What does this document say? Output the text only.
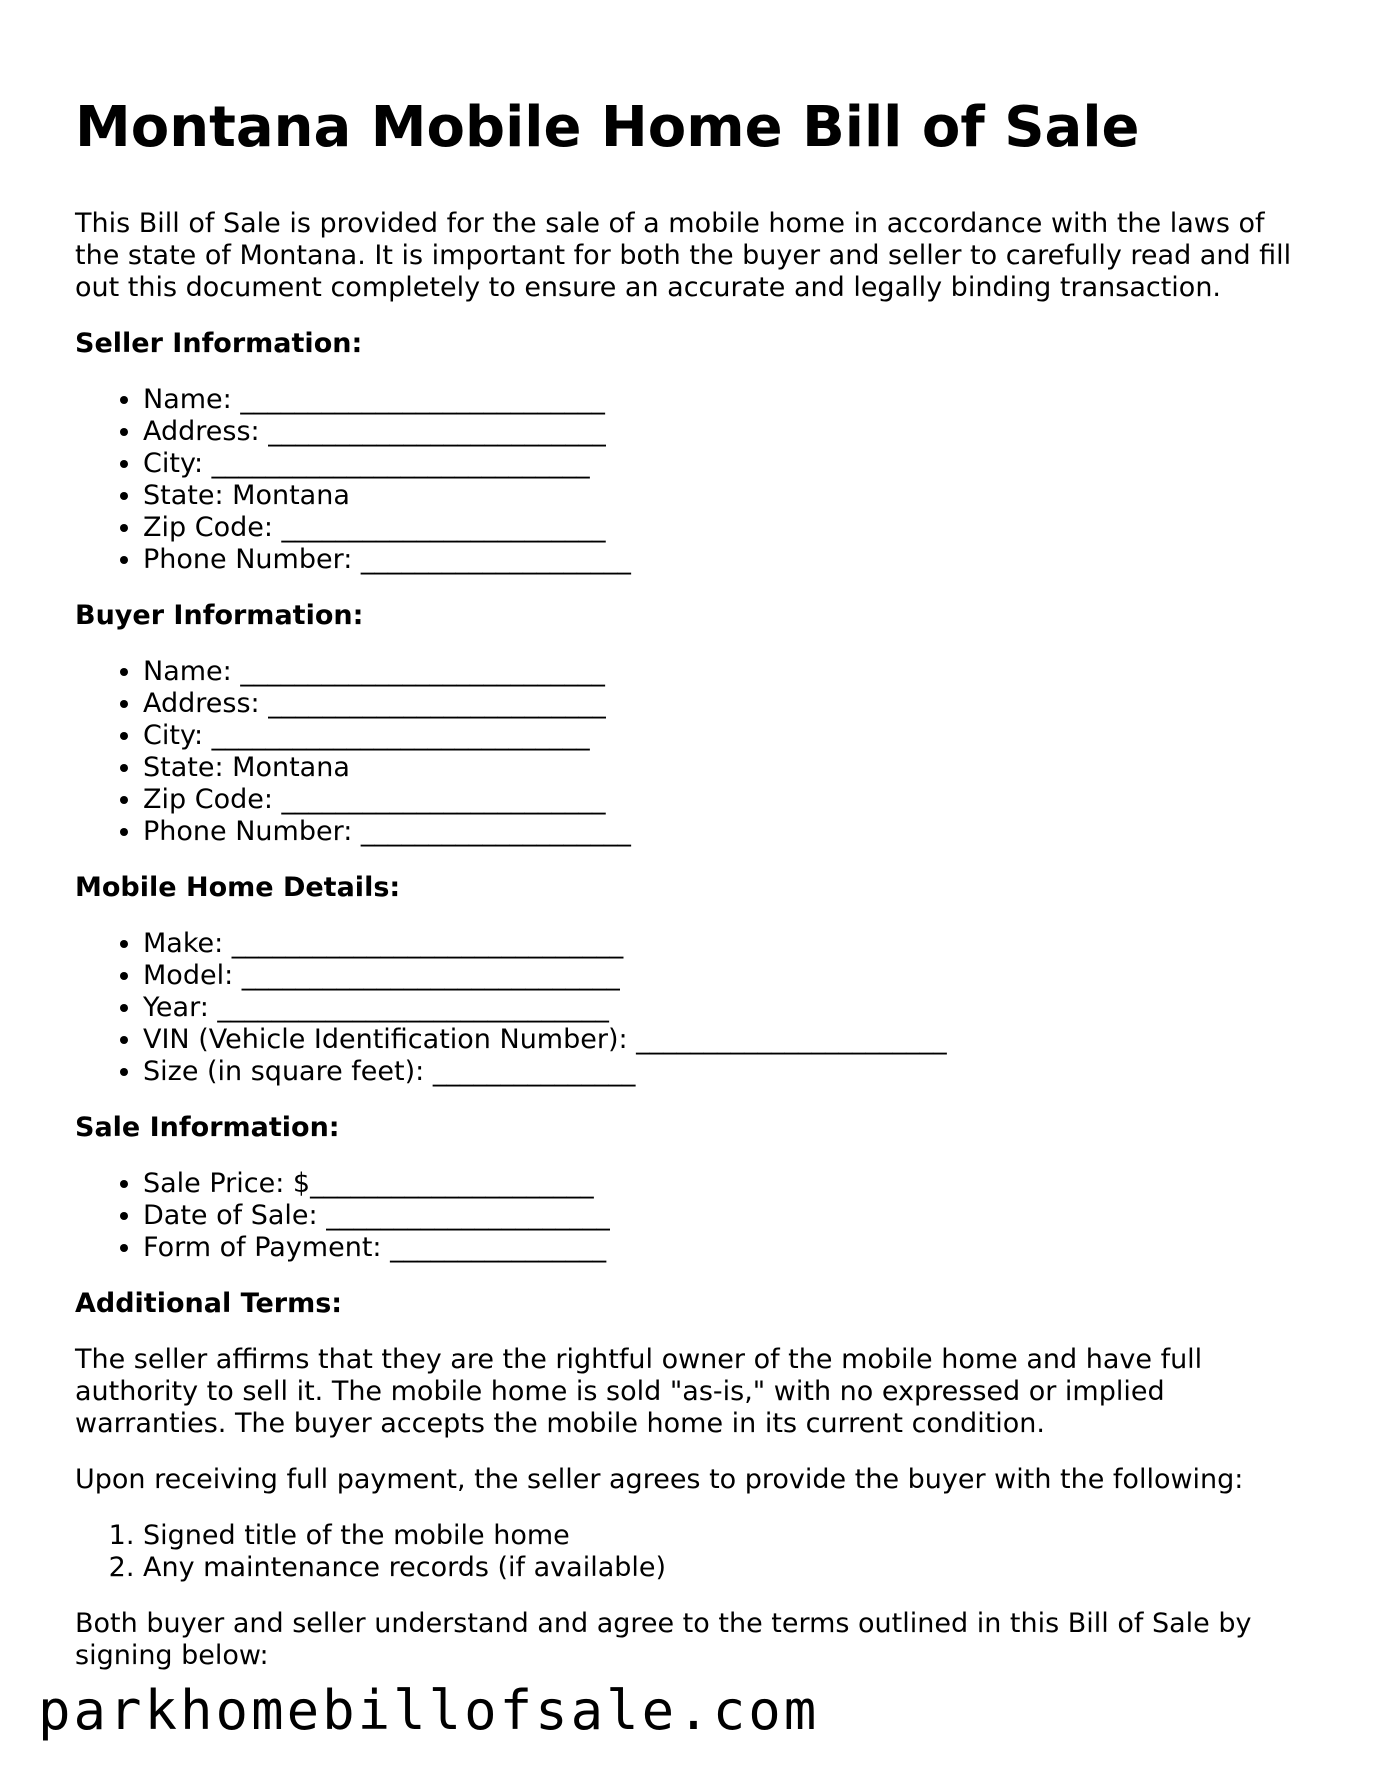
Montana Mobile Home Bill of Sale

This Bill of Sale is provided for the sale of a mobile home in accordance with the laws of the state of Montana. It is important for both the buyer and seller to carefully read and fill out this document completely to ensure an accurate and legally binding transaction.

Seller Information:
• Name: ___________________________
• Address: _________________________
• City: ____________________________
• State: Montana
• Zip Code: ________________________
• Phone Number: ____________________
Buyer Information:
• Name: ___________________________
• Address: _________________________
• City: ____________________________
• State: Montana
• Zip Code: ________________________
• Phone Number: ____________________
Mobile Home Details:
• Make: _____________________________
• Model: ____________________________
• Year: _____________________________
• VIN (Vehicle Identification Number): _______________________
• Size (in square feet): _______________
Sale Information:
• Sale Price: $_____________________
• Date of Sale: _____________________
• Form of Payment: ________________
Additional Terms:

The seller affirms that they are the rightful owner of the mobile home and have full authority to sell it. The mobile home is sold "as-is," with no expressed or implied warranties. The buyer accepts the mobile home in its current condition.

Upon receiving full payment, the seller agrees to provide the buyer with the following:

1. Signed title of the mobile home
2. Any maintenance records (if available)

Both buyer and seller understand and agree to the terms outlined in this Bill of Sale by signing below:

parkhomebillofsale.com
